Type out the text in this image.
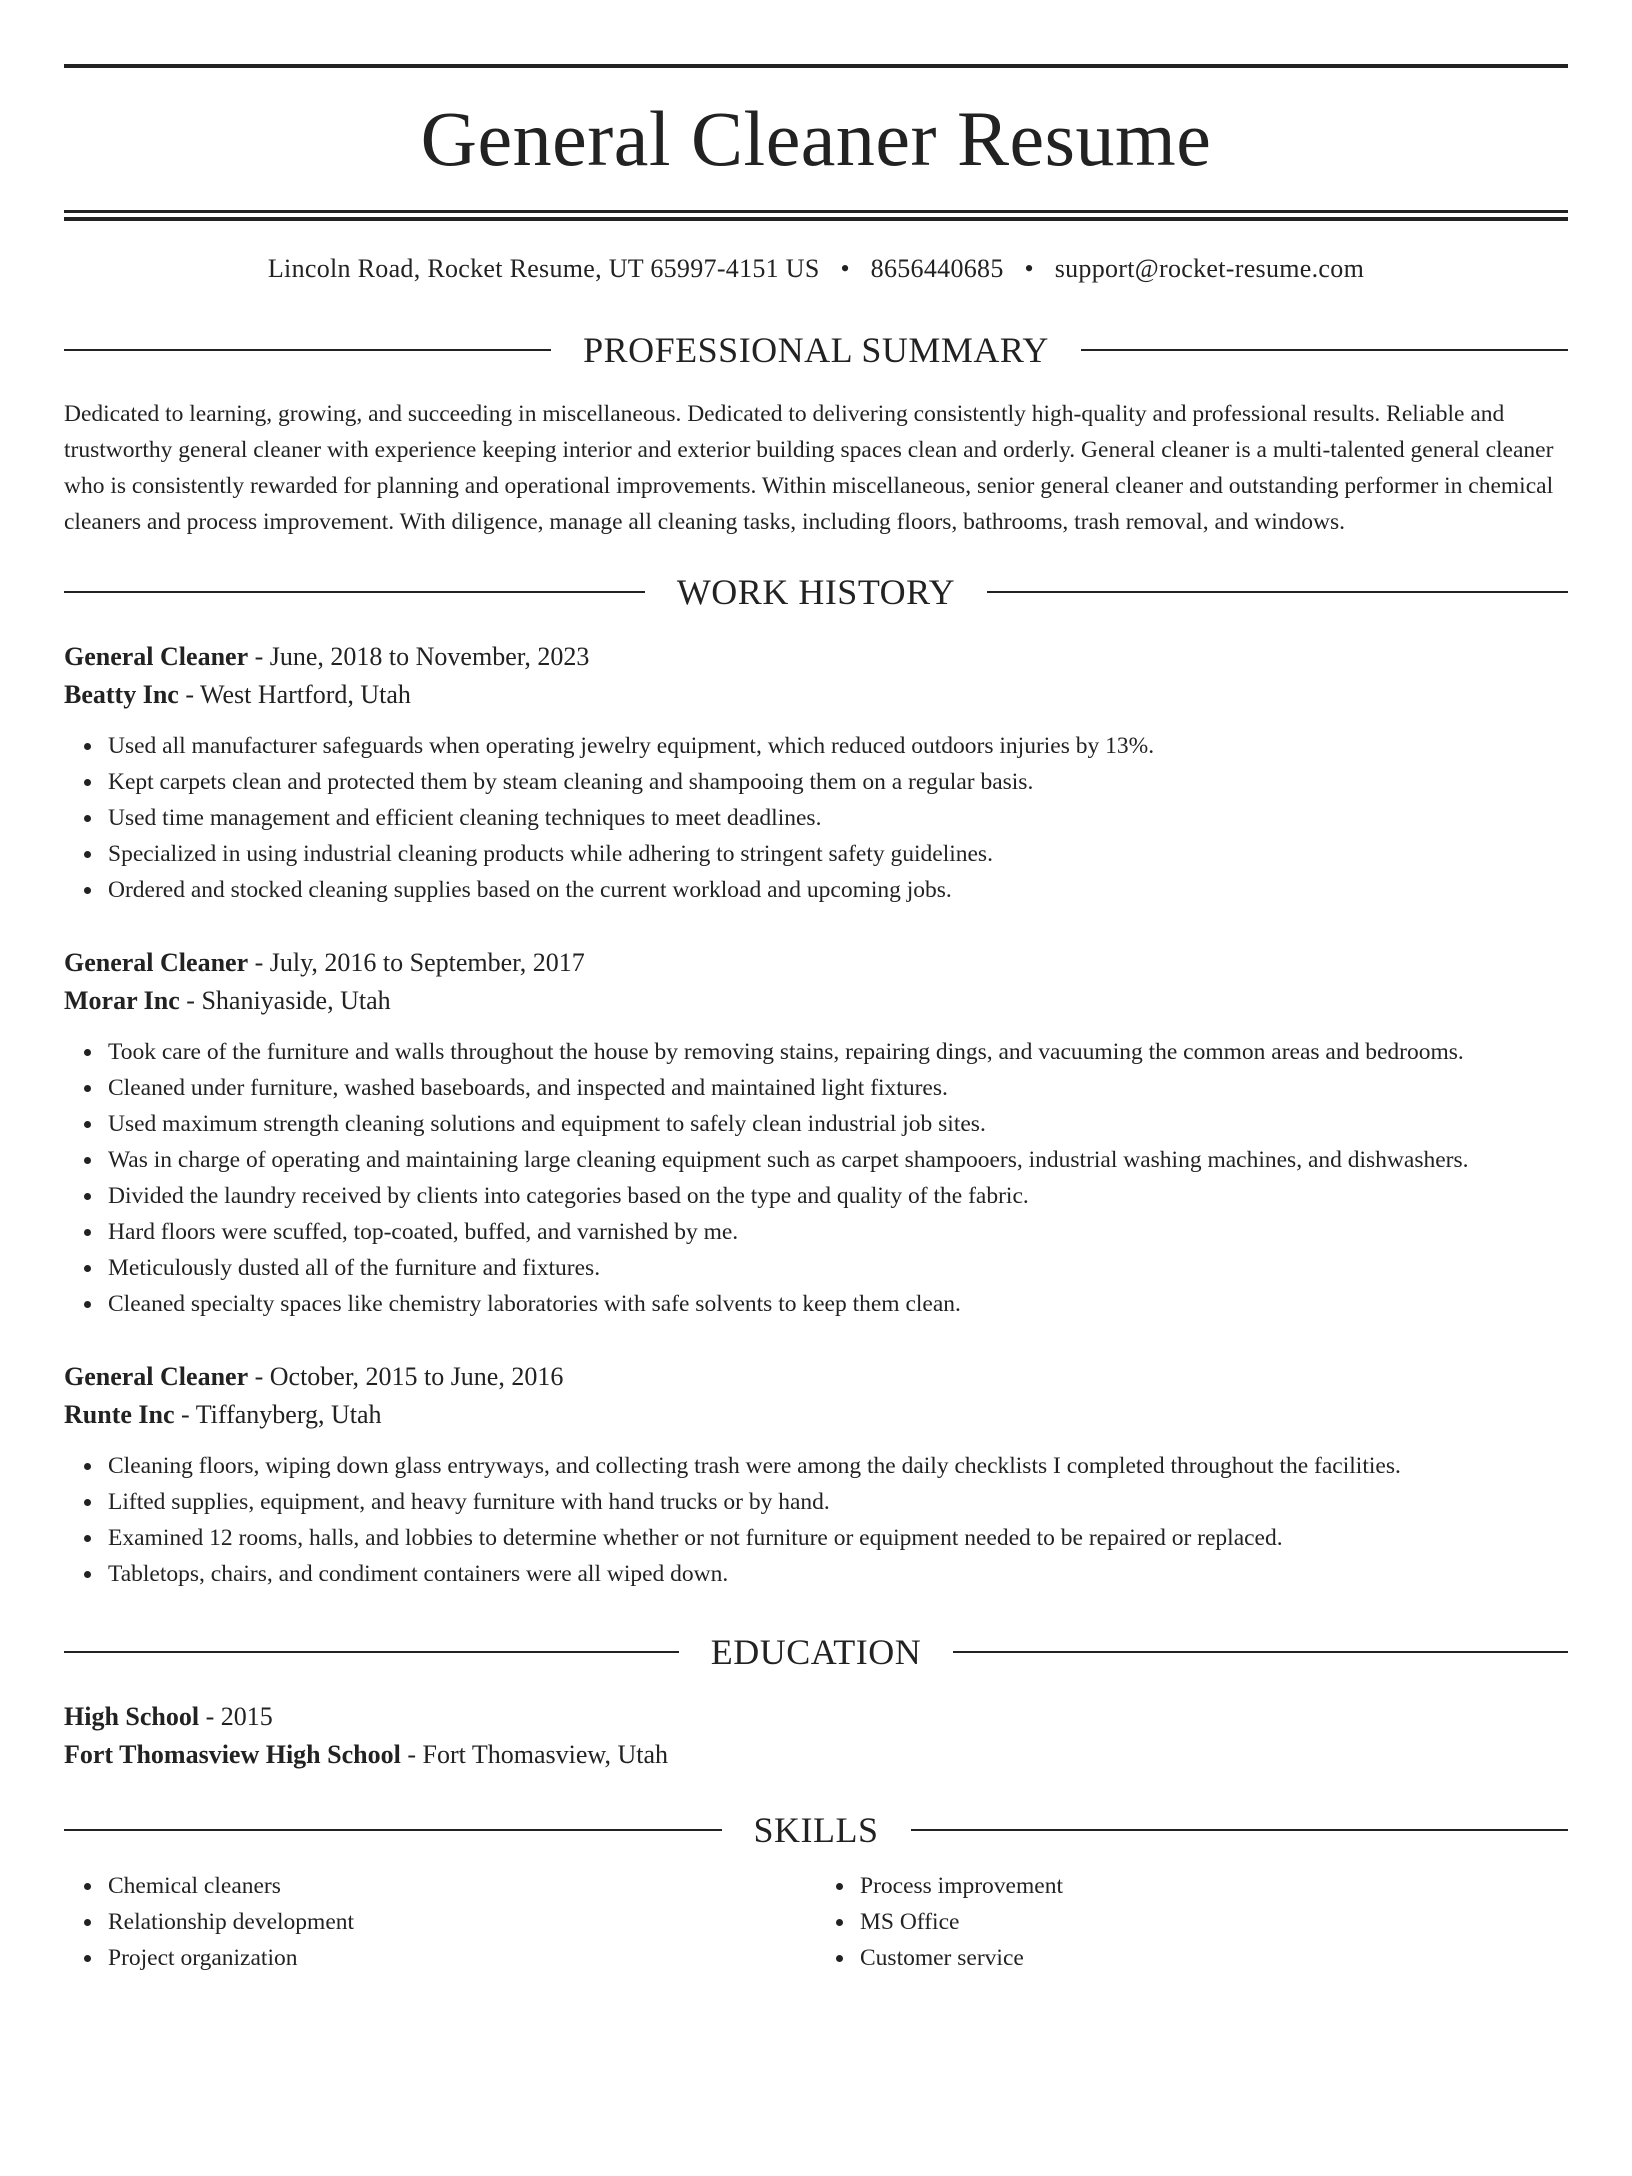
General Cleaner Resume
Lincoln Road, Rocket Resume, UT 65997-4151 US • 8656440685 • support@rocket-resume.com
PROFESSIONAL SUMMARY

Dedicated to learning, growing, and succeeding in miscellaneous. Dedicated to delivering consistently high-quality and professional results. Reliable and trustworthy general cleaner with experience keeping interior and exterior building spaces clean and orderly. General cleaner is a multi-talented general cleaner who is consistently rewarded for planning and operational improvements. Within miscellaneous, senior general cleaner and outstanding performer in chemical cleaners and process improvement. With diligence, manage all cleaning tasks, including floors, bathrooms, trash removal, and windows.

WORK HISTORY
General Cleaner - June, 2018 to November, 2023
Beatty Inc - West Hartford, Utah
Used all manufacturer safeguards when operating jewelry equipment, which reduced outdoors injuries by 13%.
Kept carpets clean and protected them by steam cleaning and shampooing them on a regular basis.
Used time management and efficient cleaning techniques to meet deadlines.
Specialized in using industrial cleaning products while adhering to stringent safety guidelines.
Ordered and stocked cleaning supplies based on the current workload and upcoming jobs.
General Cleaner - July, 2016 to September, 2017
Morar Inc - Shaniyaside, Utah
Took care of the furniture and walls throughout the house by removing stains, repairing dings, and vacuuming the common areas and bedrooms.
Cleaned under furniture, washed baseboards, and inspected and maintained light fixtures.
Used maximum strength cleaning solutions and equipment to safely clean industrial job sites.
Was in charge of operating and maintaining large cleaning equipment such as carpet shampooers, industrial washing machines, and dishwashers.
Divided the laundry received by clients into categories based on the type and quality of the fabric.
Hard floors were scuffed, top-coated, buffed, and varnished by me.
Meticulously dusted all of the furniture and fixtures.
Cleaned specialty spaces like chemistry laboratories with safe solvents to keep them clean.
General Cleaner - October, 2015 to June, 2016
Runte Inc - Tiffanyberg, Utah
Cleaning floors, wiping down glass entryways, and collecting trash were among the daily checklists I completed throughout the facilities.
Lifted supplies, equipment, and heavy furniture with hand trucks or by hand.
Examined 12 rooms, halls, and lobbies to determine whether or not furniture or equipment needed to be repaired or replaced.
Tabletops, chairs, and condiment containers were all wiped down.
EDUCATION
High School - 2015
Fort Thomasview High School - Fort Thomasview, Utah
SKILLS
Chemical cleaners
Relationship development
Project organization
Process improvement
MS Office
Customer service
